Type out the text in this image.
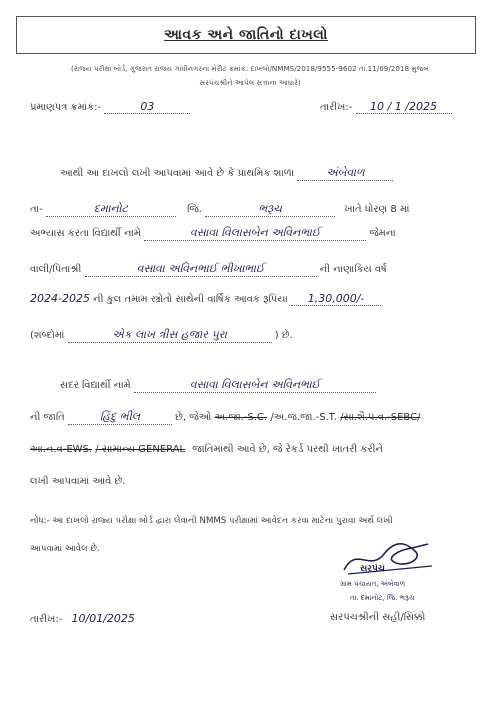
આવક અને જાતિનો દાખલો
(રાજ્ય પરીક્ષા બોર્ડ, ગુજરાત રાજ્ય ગાંધીનગરના મેરીટ ક્રમાંક: દાખલો/NMMS/2018/9555-9602 તા.11/09/2018 મુજબ
સરપંચશ્રીને આપેલ સત્તાના આધારે)
પ્રમાણપત્ર ક્રમાંક:-	03	તારીખ:- 10 / 1 /2025
આથી આ દાખલો લખી આપવામાં આવે છે કે પ્રાથમિક શાળા	અંબેવાળ
તા-	દમાનોટ	જિ.	ભરૂચ	ખાતે ધોરણ 8 માં
અભ્યાસ કરતા વિદ્યાર્થી નામે	વસાવા વિલાસબેન અવિનભાઈ	જેમના
વાલી/પિતાશ્રી	વસાવા અવિનભાઈ ભીખાભાઈ	ની નાણાકિય વર્ષ
2024-2025 ની કુલ તમામ સ્ત્રોતો સાથેની વાર્ષિક આવક રૂપિયા 1,30,000/-
(શબ્દોમાં	એક લાખ ત્રીસ હજાર પુરા	) છે.
સદર વિદ્યાર્થી નામે	વસાવા વિલાસબેન અવિનભાઈ
ની જાતિ	હિંદુ ભીલ	છે, જેઓ અ.જા.-S.C. /અ.જ.જા.-S.T. /સા.શૈ.પ.વ.-SEBC/
આ.ન.વ-EWS. / સામાન્ય GENERAL જાતિમાંથી આવે છે, જે રેકર્ડ પરથી ખાતરી કરીને
લખી આપવામાં આવે છે.
નોંધ:- આ દાખલો રાજ્ય પરીક્ષા બોર્ડ દ્વારા લેવાની NMMS પરીક્ષામાં આવેદન કરવા માટેના પુરાવા અર્થે લખી
આપવામાં આવેલ છે.
સરપંચ
ગ્રામ પંચાયત, અંબેવાળ
તા. દમાનોટ, જિ. ભરૂચ
તારીખ:- 10/01/2025	સરપંચશ્રીની સહી/સિક્કો
